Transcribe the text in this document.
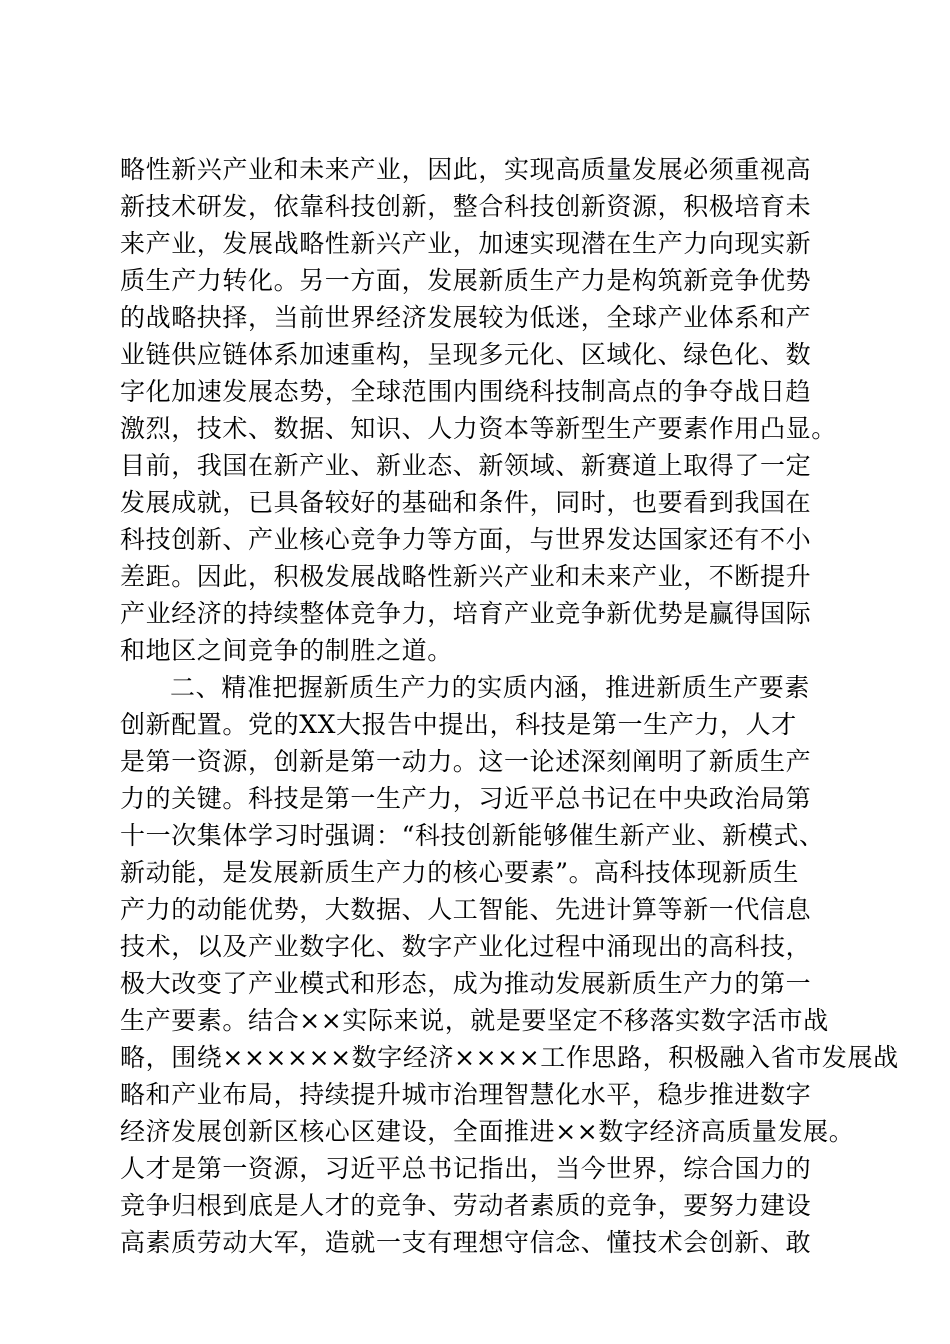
略性新兴产业和未来产业，因此，实现高质量发展必须重视高
新技术研发，依靠科技创新，整合科技创新资源，积极培育未
来产业，发展战略性新兴产业，加速实现潜在生产力向现实新
质生产力转化。另一方面，发展新质生产力是构筑新竞争优势
的战略抉择，当前世界经济发展较为低迷，全球产业体系和产
业链供应链体系加速重构，呈现多元化、区域化、绿色化、数
字化加速发展态势，全球范围内围绕科技制高点的争夺战日趋
激烈，技术、数据、知识、人力资本等新型生产要素作用凸显。
目前，我国在新产业、新业态、新领域、新赛道上取得了一定
发展成就，已具备较好的基础和条件，同时，也要看到我国在
科技创新、产业核心竞争力等方面，与世界发达国家还有不小
差距。因此，积极发展战略性新兴产业和未来产业，不断提升
产业经济的持续整体竞争力，培育产业竞争新优势是赢得国际
和地区之间竞争的制胜之道。
二、精准把握新质生产力的实质内涵，推进新质生产要素
创新配置。党的XX大报告中提出，科技是第一生产力，人才
是第一资源，创新是第一动力。这一论述深刻阐明了新质生产
力的关键。科技是第一生产力，习近平总书记在中央政治局第
十一次集体学习时强调：“科技创新能够催生新产业、新模式、
新动能，是发展新质生产力的核心要素”。高科技体现新质生
产力的动能优势，大数据、人工智能、先进计算等新一代信息
技术，以及产业数字化、数字产业化过程中涌现出的高科技，
极大改变了产业模式和形态，成为推动发展新质生产力的第一
生产要素。结合××实际来说，就是要坚定不移落实数字活市战
略，围绕××××××数字经济××××工作思路，积极融入省市发展战
略和产业布局，持续提升城市治理智慧化水平，稳步推进数字
经济发展创新区核心区建设，全面推进××数字经济高质量发展。
人才是第一资源，习近平总书记指出，当今世界，综合国力的
竞争归根到底是人才的竞争、劳动者素质的竞争，要努力建设
高素质劳动大军，造就一支有理想守信念、懂技术会创新、敢
